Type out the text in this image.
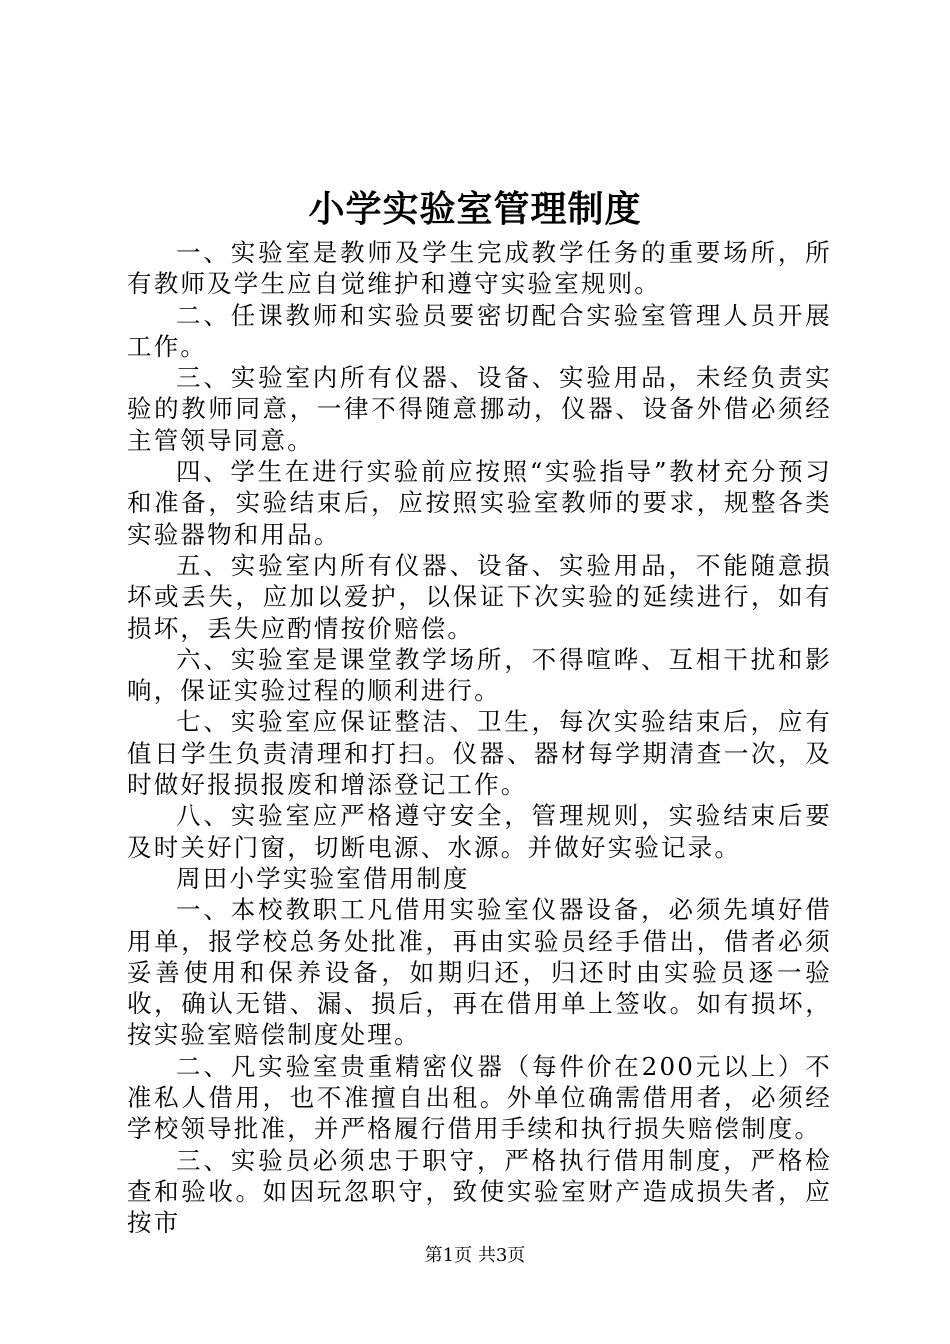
小学实验室管理制度

一、实验室是教师及学生完成教学任务的重要场所，所有教师及学生应自觉维护和遵守实验室规则。

二、任课教师和实验员要密切配合实验室管理人员开展工作。

三、实验室内所有仪器、设备、实验用品，未经负责实验的教师同意，一律不得随意挪动，仪器、设备外借必须经主管领导同意。

四、学生在进行实验前应按照“实验指导”教材充分预习和准备，实验结束后，应按照实验室教师的要求，规整各类实验器物和用品。

五、实验室内所有仪器、设备、实验用品，不能随意损坏或丢失，应加以爱护，以保证下次实验的延续进行，如有损坏，丢失应酌情按价赔偿。

六、实验室是课堂教学场所，不得喧哗、互相干扰和影响，保证实验过程的顺利进行。

七、实验室应保证整洁、卫生，每次实验结束后，应有值日学生负责清理和打扫。仪器、器材每学期清查一次，及时做好报损报废和增添登记工作。

八、实验室应严格遵守安全，管理规则，实验结束后要及时关好门窗，切断电源、水源。并做好实验记录。

周田小学实验室借用制度

一、本校教职工凡借用实验室仪器设备，必须先填好借用单，报学校总务处批准，再由实验员经手借出，借者必须妥善使用和保养设备，如期归还，归还时由实验员逐一验收，确认无错、漏、损后，再在借用单上签收。如有损坏，按实验室赔偿制度处理。

二、凡实验室贵重精密仪器（每件价在200元以上）不准私人借用，也不准擅自出租。外单位确需借用者，必须经学校领导批准，并严格履行借用手续和执行损失赔偿制度。

三、实验员必须忠于职守，严格执行借用制度，严格检查和验收。如因玩忽职守，致使实验室财产造成损失者，应按市

第1页 共3页
